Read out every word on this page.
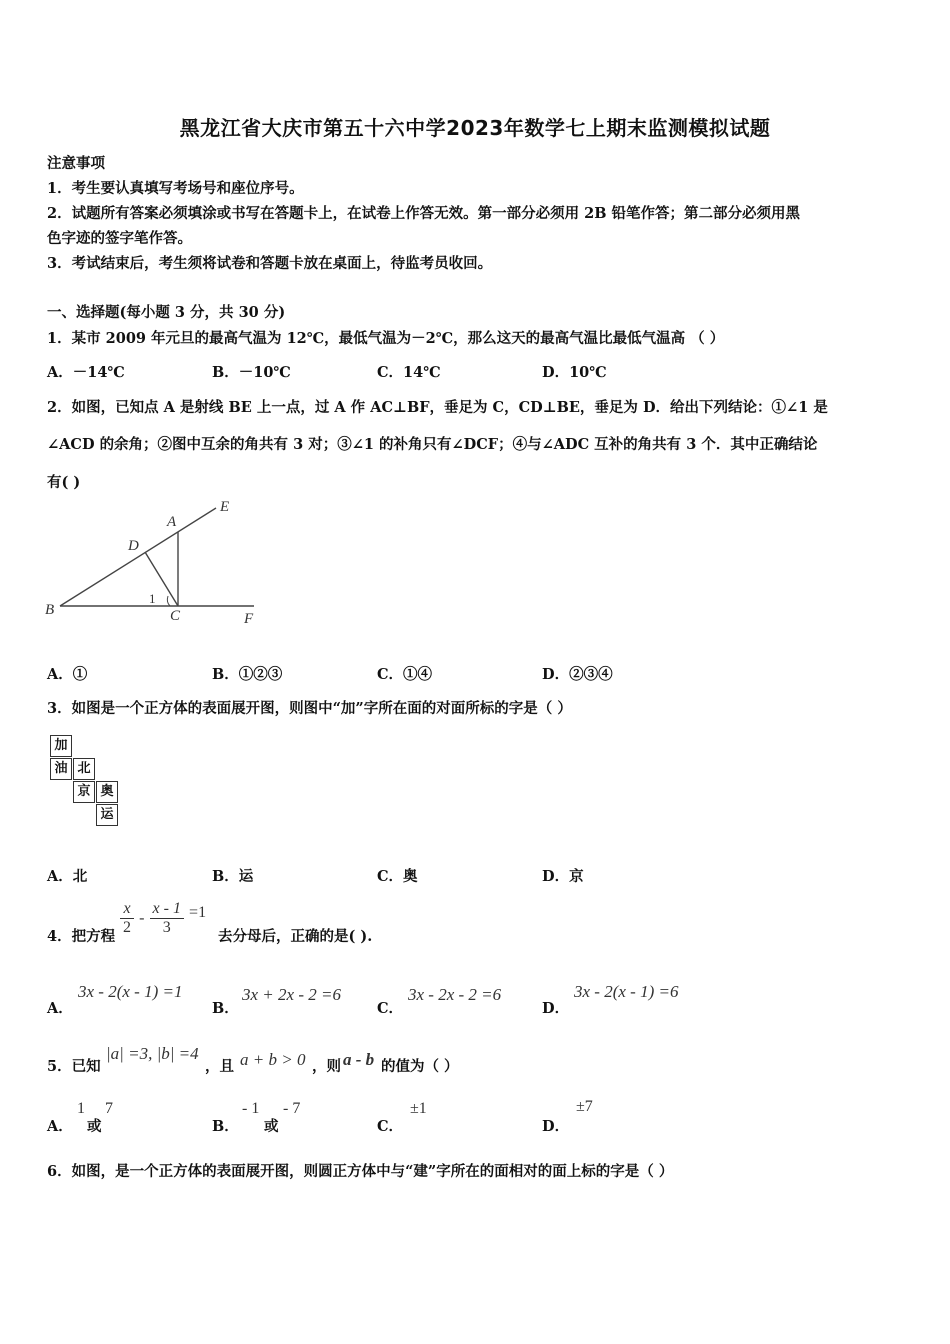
黑龙江省大庆市第五十六中学2023年数学七上期末监测模拟试题
注意事项
1．考生要认真填写考场号和座位序号。
2．试题所有答案必须填涂或书写在答题卡上，在试卷上作答无效。第一部分必须用 2B 铅笔作答；第二部分必须用黑
色字迹的签字笔作答。
3．考试结束后，考生须将试卷和答题卡放在桌面上，待监考员收回。
一、选择题(每小题 3 分，共 30 分)
1．某市 2009 年元旦的最高气温为 12℃，最低气温为－2℃，那么这天的最高气温比最低气温高 （ ）
A．－14℃	B．－10℃	C．14℃	D．10℃
2．如图，已知点 A 是射线 BE 上一点，过 A 作 AC⊥BF，垂足为 C，CD⊥BE，垂足为 D．给出下列结论：①∠1 是
∠ACD 的余角；②图中互余的角共有 3 对；③∠1 的补角只有∠DCF；④与∠ADC 互补的角共有 3 个．其中正确结论
有( )
B
D
A
E
C	F
1
A．①	B．①②③	C．①④	D．②③④
3．如图是一个正方体的表面展开图，则图中“加”字所在面的对面所标的字是（ ）
加
油 北
京 奥
运
A．北	B．运	C．奥	D．京
4．把方程 $\frac{x}{2} - \frac{x - 1}{3} =1$
去分母后，正确的是( ).
A．
3x - 2(x - 1) =1
B．
3x + 2x - 2 =6
C．
3x - 2x - 2 =6
D．
3x - 2(x - 1) =6
5．已知
|a| =3, |b| =4
，且 a + b > 0 ，则 a - b 的值为（ ）
A．
1
或
7
B．
- 1
或
- 7
C．
±1
D．
±7
6．如图，是一个正方体的表面展开图，则圆正方体中与“建”字所在的面相对的面上标的字是（ ）
